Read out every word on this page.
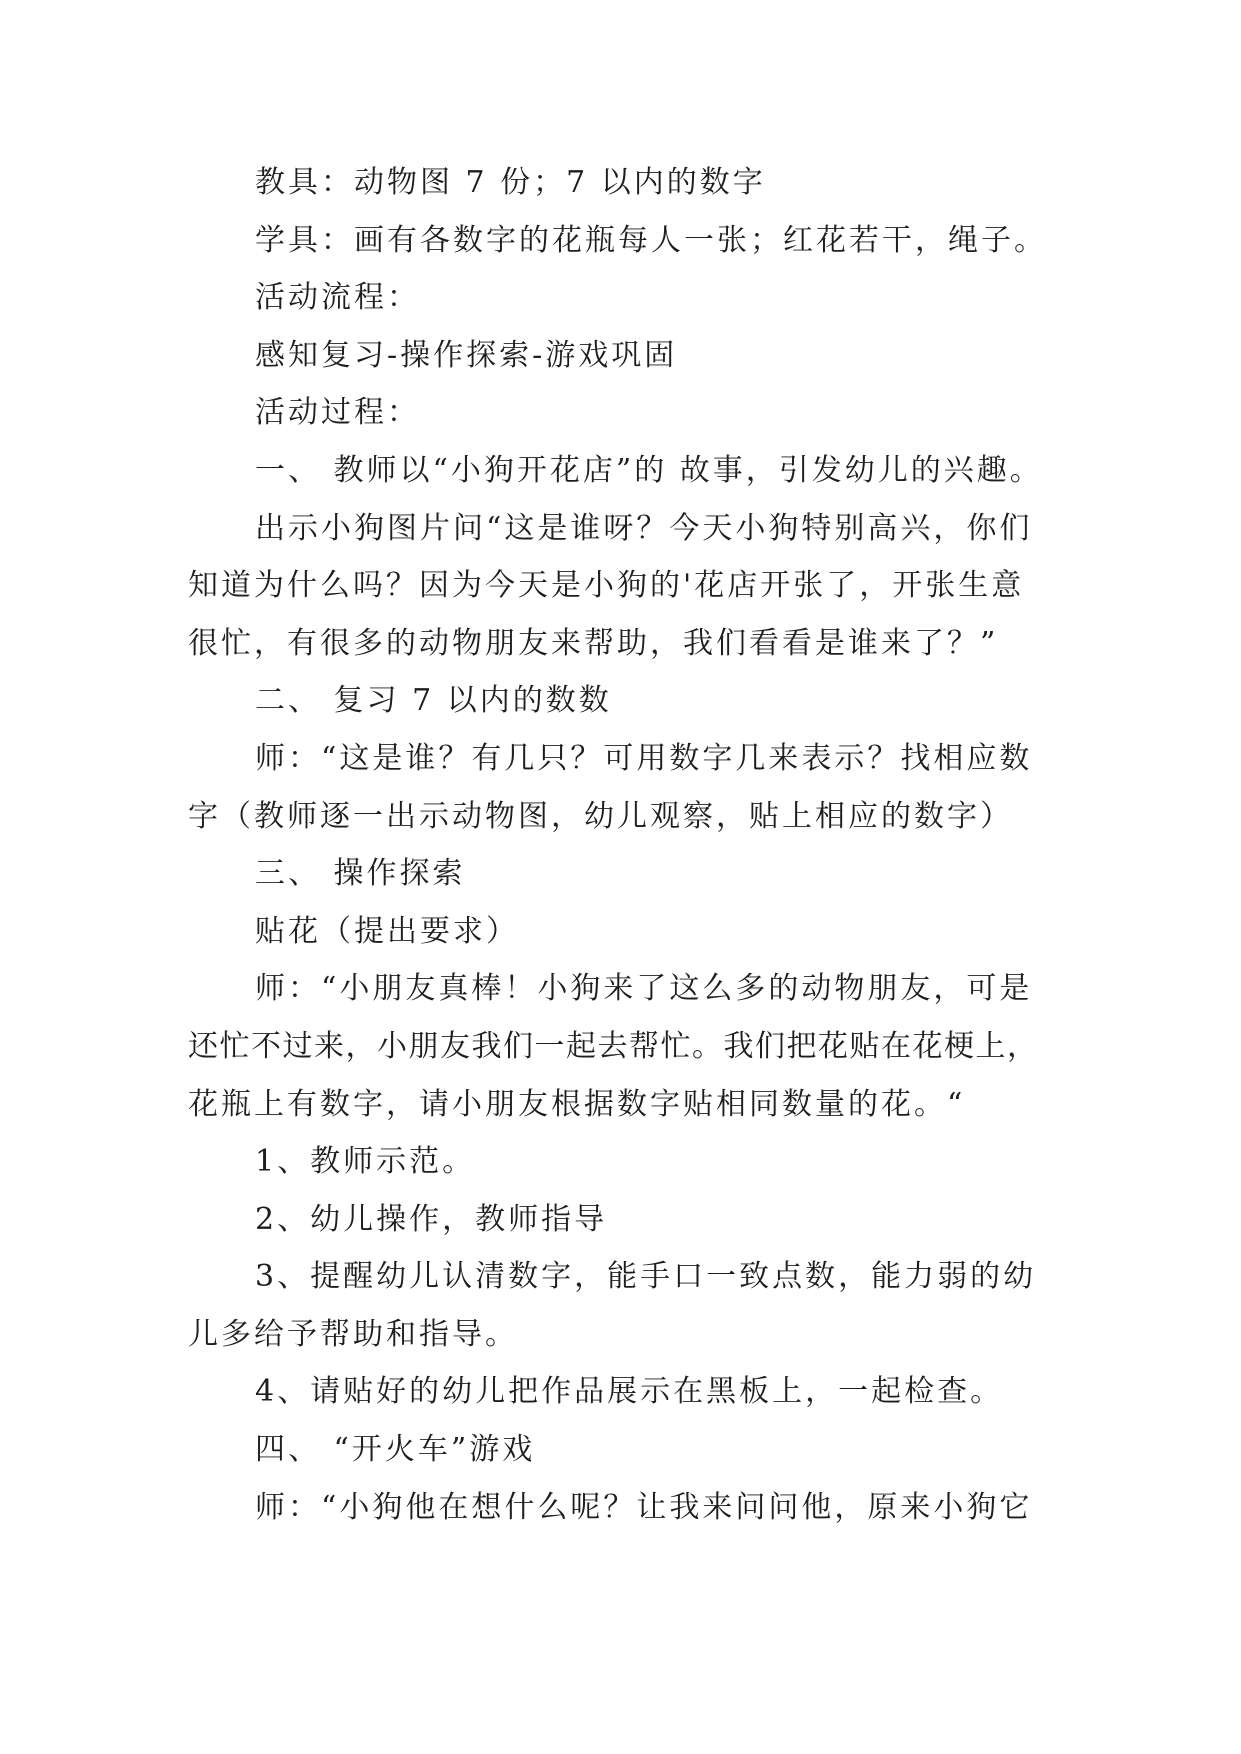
教具：动物图 7 份；7 以内的数字
学具：画有各数字的花瓶每人一张；红花若干，绳子。
活动流程：
感知复习-操作探索-游戏巩固
活动过程：
一、 教师以“小狗开花店”的 故事，引发幼儿的兴趣。
出示小狗图片问“这是谁呀？今天小狗特别高兴，你们
知道为什么吗？因为今天是小狗的'花店开张了，开张生意
很忙，有很多的动物朋友来帮助，我们看看是谁来了？”
二、 复习 7 以内的数数
师：“这是谁？有几只？可用数字几来表示？找相应数
字（教师逐一出示动物图，幼儿观察，贴上相应的数字）
三、 操作探索
贴花（提出要求）
师：“小朋友真棒！小狗来了这么多的动物朋友，可是
还忙不过来，小朋友我们一起去帮忙。我们把花贴在花梗上，
花瓶上有数字，请小朋友根据数字贴相同数量的花。“
1、教师示范。
2、幼儿操作，教师指导
3、提醒幼儿认清数字，能手口一致点数，能力弱的幼
儿多给予帮助和指导。
4、请贴好的幼儿把作品展示在黑板上，一起检查。
四、 “开火车”游戏
师：“小狗他在想什么呢？让我来问问他，原来小狗它
